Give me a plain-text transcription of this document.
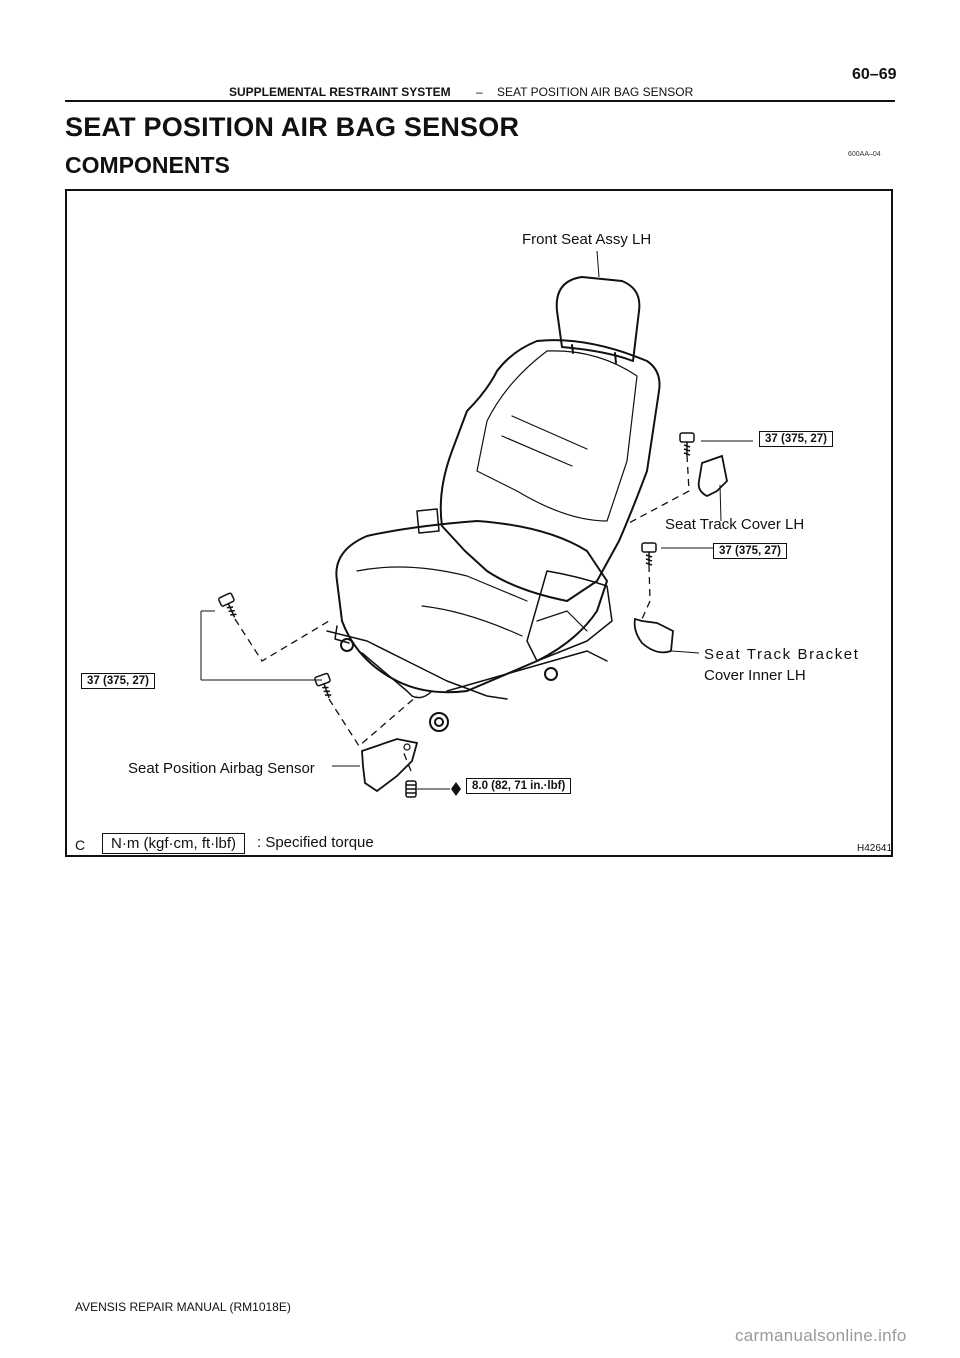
SUPPLEMENTAL RESTRAINT SYSTEM – SEAT POSITION AIR BAG SENSOR
60–69
SEAT POSITION AIR BAG SENSOR
COMPONENTS	600AA–04
Front Seat Assy LH
37 (375, 27)
Seat Track Cover LH
37 (375, 27)
Seat Track Bracket
Cover Inner LH
37 (375, 27)
Seat Position Airbag Sensor
8.0 (82, 71 in.·lbf)
C	N·m (kgf·cm, ft·lbf)	: Specified torque	H42641
AVENSIS REPAIR MANUAL (RM1018E)
carmanualsonline.info
